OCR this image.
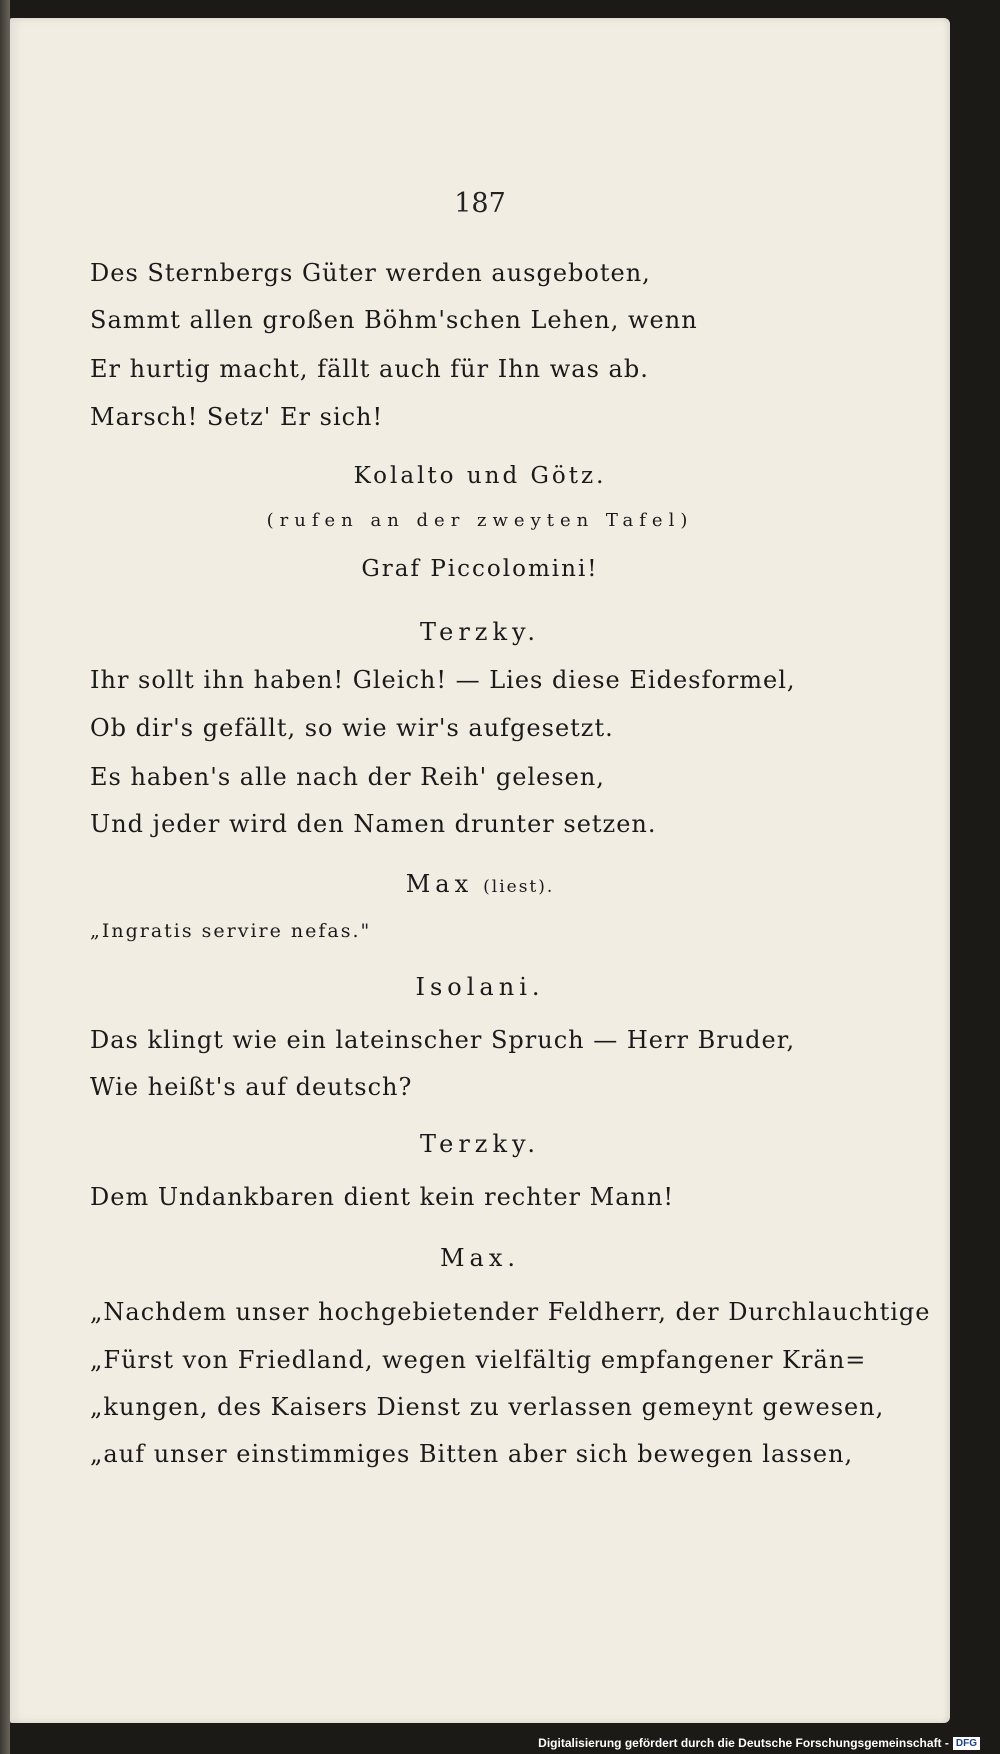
187
Des Sternbergs Güter werden ausgeboten,
Sammt allen großen Böhm'schen Lehen, wenn
Er hurtig macht, fällt auch für Ihn was ab.
Marsch! Setz' Er sich!
Kolalto und Götz.
(rufen an der zweyten Tafel)
Graf Piccolomini!
Terzky.
Ihr sollt ihn haben! Gleich! — Lies diese Eidesformel,
Ob dir's gefällt, so wie wir's aufgesetzt.
Es haben's alle nach der Reih' gelesen,
Und jeder wird den Namen drunter setzen.
Max (liest).
„Ingratis servire nefas."
Isolani.
Das klingt wie ein lateinscher Spruch — Herr Bruder,
Wie heißt's auf deutsch?
Terzky.
Dem Undankbaren dient kein rechter Mann!
Max.
„Nachdem unser hochgebietender Feldherr, der Durchlauchtige
„Fürst von Friedland, wegen vielfältig empfangener Krän=
„kungen, des Kaisers Dienst zu verlassen gemeynt gewesen,
„auf unser einstimmiges Bitten aber sich bewegen lassen,
Digitalisierung gefördert durch die Deutsche Forschungsgemeinschaft - DFG
